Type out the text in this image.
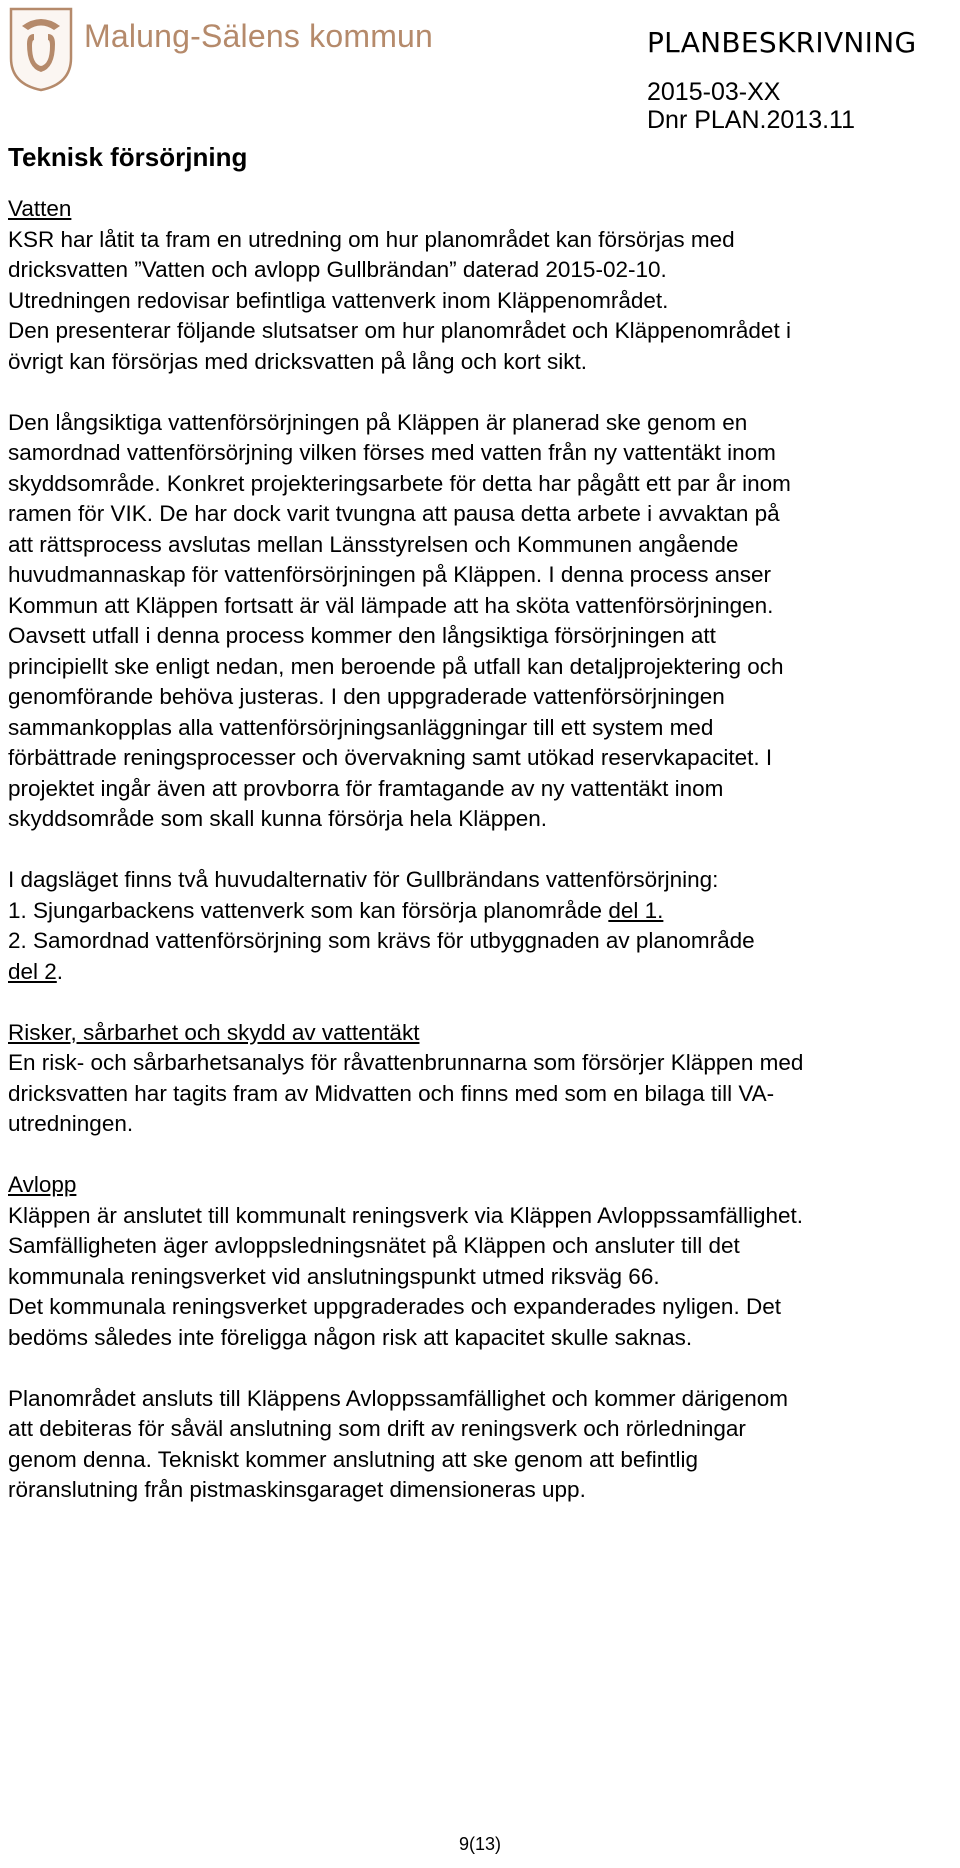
Malung-Sälens kommun	PLANBESKRIVNING
2015-03-XX
Dnr PLAN.2013.11
Teknisk försörjning

Vatten

KSR har låtit ta fram en utredning om hur planområdet kan försörjas med

dricksvatten ”Vatten och avlopp Gullbrändan” daterad 2015-02-10.

Utredningen redovisar befintliga vattenverk inom Kläppenområdet.

Den presenterar följande slutsatser om hur planområdet och Kläppenområdet i

övrigt kan försörjas med dricksvatten på lång och kort sikt.

Den långsiktiga vattenförsörjningen på Kläppen är planerad ske genom en

samordnad vattenförsörjning vilken förses med vatten från ny vattentäkt inom

skyddsområde. Konkret projekteringsarbete för detta har pågått ett par år inom

ramen för VIK. De har dock varit tvungna att pausa detta arbete i avvaktan på

att rättsprocess avslutas mellan Länsstyrelsen och Kommunen angående

huvudmannaskap för vattenförsörjningen på Kläppen. I denna process anser

Kommun att Kläppen fortsatt är väl lämpade att ha sköta vattenförsörjningen.

Oavsett utfall i denna process kommer den långsiktiga försörjningen att

principiellt ske enligt nedan, men beroende på utfall kan detaljprojektering och

genomförande behöva justeras. I den uppgraderade vattenförsörjningen

sammankopplas alla vattenförsörjningsanläggningar till ett system med

förbättrade reningsprocesser och övervakning samt utökad reservkapacitet. I

projektet ingår även att provborra för framtagande av ny vattentäkt inom

skyddsområde som skall kunna försörja hela Kläppen.

I dagsläget finns två huvudalternativ för Gullbrändans vattenförsörjning:

1. Sjungarbackens vattenverk som kan försörja planområde del 1.

2. Samordnad vattenförsörjning som krävs för utbyggnaden av planområde

del 2.

Risker, sårbarhet och skydd av vattentäkt

En risk- och sårbarhetsanalys för råvattenbrunnarna som försörjer Kläppen med

dricksvatten har tagits fram av Midvatten och finns med som en bilaga till VA-

utredningen.

Avlopp

Kläppen är anslutet till kommunalt reningsverk via Kläppen Avloppssamfällighet.

Samfälligheten äger avloppsledningsnätet på Kläppen och ansluter till det

kommunala reningsverket vid anslutningspunkt utmed riksväg 66.

Det kommunala reningsverket uppgraderades och expanderades nyligen. Det

bedöms således inte föreligga någon risk att kapacitet skulle saknas.

Planområdet ansluts till Kläppens Avloppssamfällighet och kommer därigenom

att debiteras för såväl anslutning som drift av reningsverk och rörledningar

genom denna. Tekniskt kommer anslutning att ske genom att befintlig

röranslutning från pistmaskinsgaraget dimensioneras upp.

9(13)
